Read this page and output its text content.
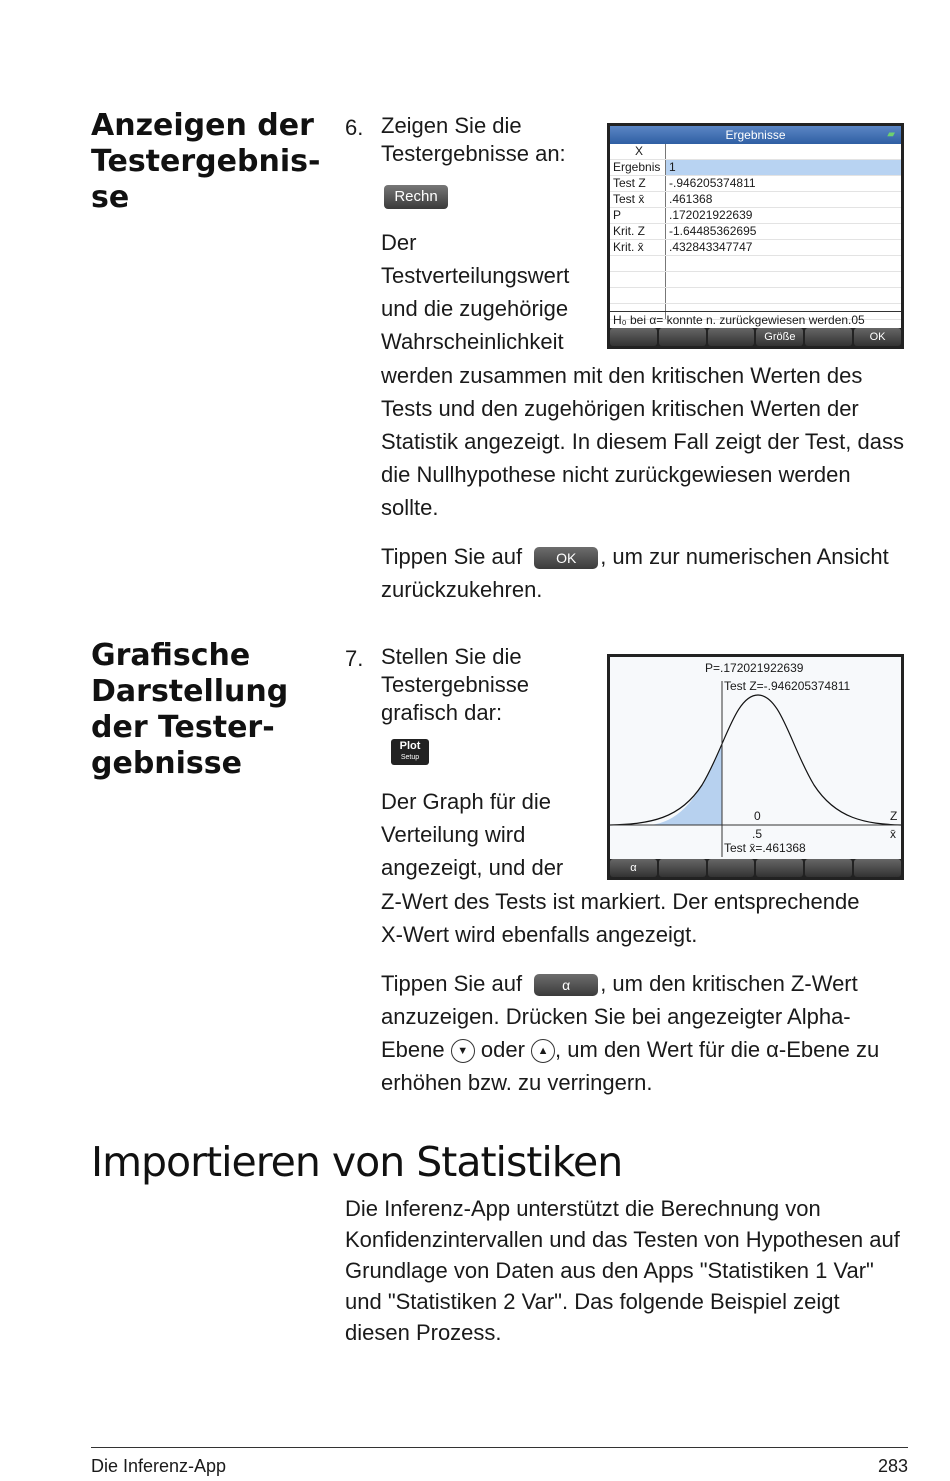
Anzeigen der
Testergebnis-
se
6. Zeigen Sie die
Testergebnisse an:
Rechn
Der
Testverteilungswert
und die zugehörige
Wahrscheinlichkeit
werden zusammen mit den kritischen Werten des
Tests und den zugehörigen kritischen Werten der
Statistik angezeigt. In diesem Fall zeigt der Test, dass
die Nullhypothese nicht zurückgewiesen werden
sollte.
Tippen Sie auf OK , um zur numerischen Ansicht
zurückzukehren.
Ergebnisse	▰
X
Ergebnis 1
Test Z	-.946205374811
Test x̄	.461368
P	.172021922639
Krit. Z	-1.64485362695
Krit. x̄	.432843347747
H₀ bei α= konnte n. zurückgewiesen werden.05
Größe	OK
Grafische
Darstellung
der Tester-
gebnisse
7. Stellen Sie die
Testergebnisse
grafisch dar:
Plot
Setup
Der Graph für die
Verteilung wird
angezeigt, und der
Z-Wert des Tests ist markiert. Der entsprechende
X-Wert wird ebenfalls angezeigt.
Tippen Sie auf	α , um den kritischen Z-Wert
anzuzeigen. Drücken Sie bei angezeigter Alpha-
Ebene ▼ oder ▲ , um den Wert für die α-Ebene zu
erhöhen bzw. zu verringern.
P=.172021922639
Test Z=-.946205374811
0	Z
.5	x̄
Test x̄=.461368
α
Importieren von Statistiken
Die Inferenz-App unterstützt die Berechnung von
Konfidenzintervallen und das Testen von Hypothesen auf
Grundlage von Daten aus den Apps "Statistiken 1 Var"
und "Statistiken 2 Var". Das folgende Beispiel zeigt
diesen Prozess.
Die Inferenz-App	283
